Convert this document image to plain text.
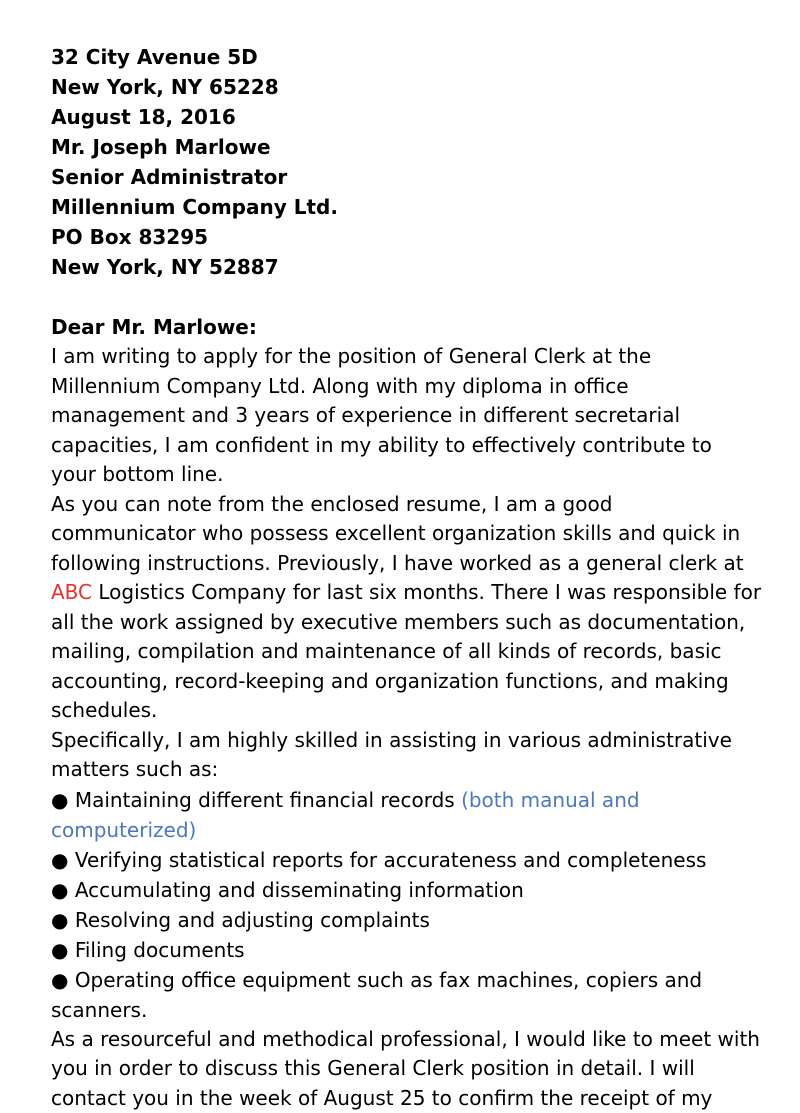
32 City Avenue 5D
New York, NY 65228
August 18, 2016
Mr. Joseph Marlowe
Senior Administrator
Millennium Company Ltd.
PO Box 83295
New York, NY 52887
Dear Mr. Marlowe:
I am writing to apply for the position of General Clerk at the Millennium Company Ltd. Along with my diploma in office management and 3 years of experience in different secretarial capacities, I am confident in my ability to effectively contribute to your bottom line.
As you can note from the enclosed resume, I am a good communicator who possess excellent organization skills and quick in following instructions. Previously, I have worked as a general clerk at ABC Logistics Company for last six months. There I was responsible for all the work assigned by executive members such as documentation, mailing, compilation and maintenance of all kinds of records, basic accounting, record-keeping and organization functions, and making schedules.
Specifically, I am highly skilled in assisting in various administrative matters such as:
● Maintaining different financial records (both manual and computerized)
● Verifying statistical reports for accurateness and completeness
● Accumulating and disseminating information
● Resolving and adjusting complaints
● Filing documents
● Operating office equipment such as fax machines, copiers and scanners.
As a resourceful and methodical professional, I would like to meet with you in order to discuss this General Clerk position in detail. I will contact you in the week of August 25 to confirm the receipt of my
